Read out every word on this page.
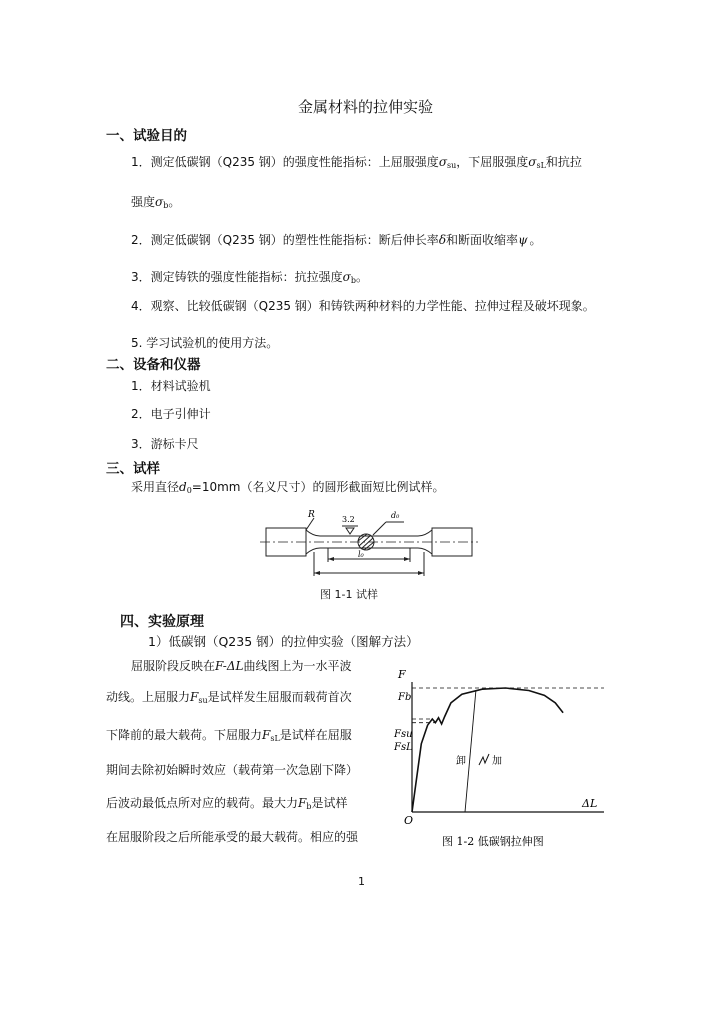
金属材料的拉伸实验
一、试验目的
1．测定低碳钢（Q235 钢）的强度性能指标：上屈服强度$\sigma_{su}$，下屈服强度$\sigma_{sL}$和抗拉
强度$\sigma_b$。
2．测定低碳钢（Q235 钢）的塑性性能指标：断后伸长率δ和断面收缩率ψ  。
3．测定铸铁的强度性能指标：抗拉强度$\sigma_b$。
4．观察、比较低碳钢（Q235 钢）和铸铁两种材料的力学性能、拉伸过程及破坏现象。
5. 学习试验机的使用方法。
二、设备和仪器
1．材料试验机
2．电子引伸计
3．游标卡尺
三、试样
采用直径$d_0=10mm$（名义尺寸）的圆形截面短比例试样。
R	3.2	d₀
l₀
图 1-1 试样
四、实验原理
1）低碳钢（Q235 钢）的拉伸实验（图解方法）
屈服阶段反映在F-ΔL曲线图上为一水平波
动线。上屈服力$F_{su}$是试样发生屈服而载荷首次
下降前的最大载荷。下屈服力$F_{sL}$是试样在屈服
期间去除初始瞬时效应（载荷第一次急剧下降）
后波动最低点所对应的载荷。最大力$F_b$是试样
在屈服阶段之后所能承受的最大载荷。相应的强
F
O
ΔL
Fb
Fsu
FsL
卸	加
图 1-2 低碳钢拉伸图
1
